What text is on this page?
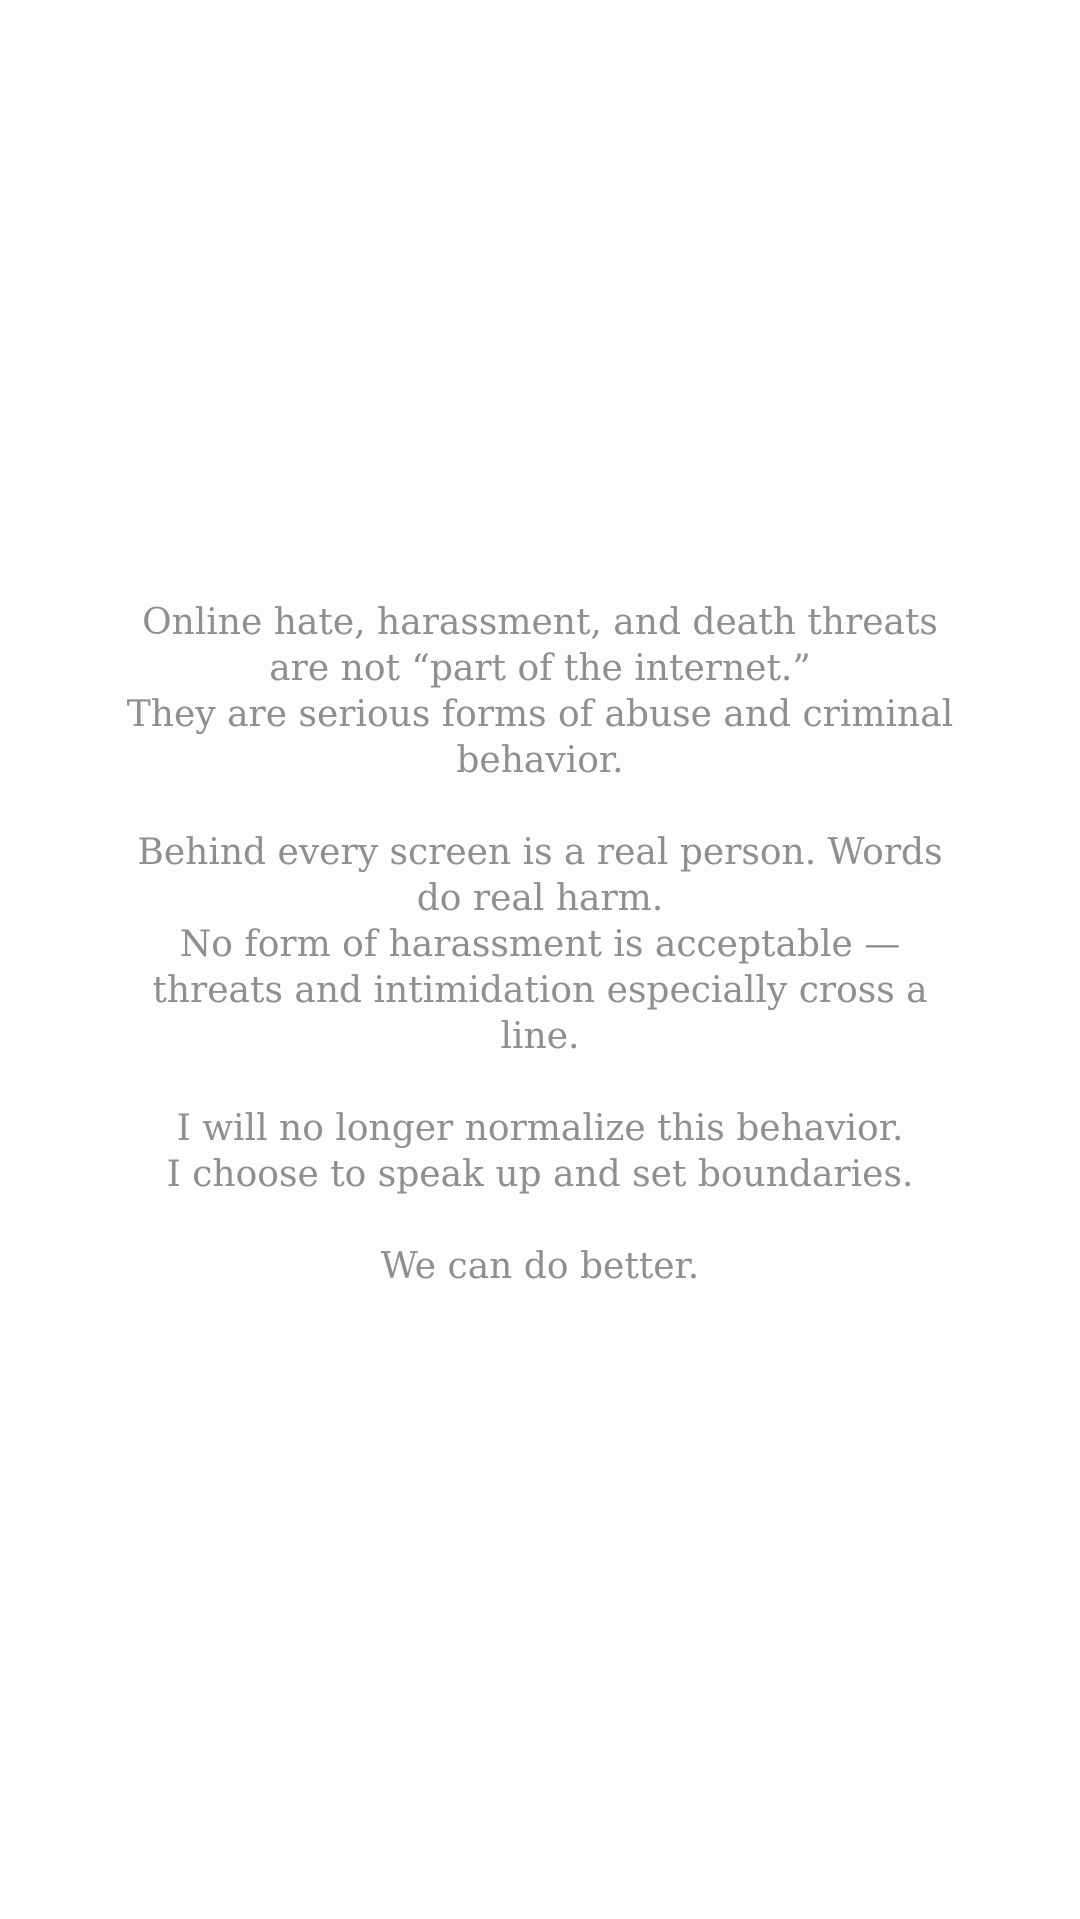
Online hate, harassment, and death threats
are not “part of the internet.”
They are serious forms of abuse and criminal
behavior.

Behind every screen is a real person. Words
do real harm.
No form of harassment is acceptable —
threats and intimidation especially cross a
line.

I will no longer normalize this behavior.
I choose to speak up and set boundaries.

We can do better.
